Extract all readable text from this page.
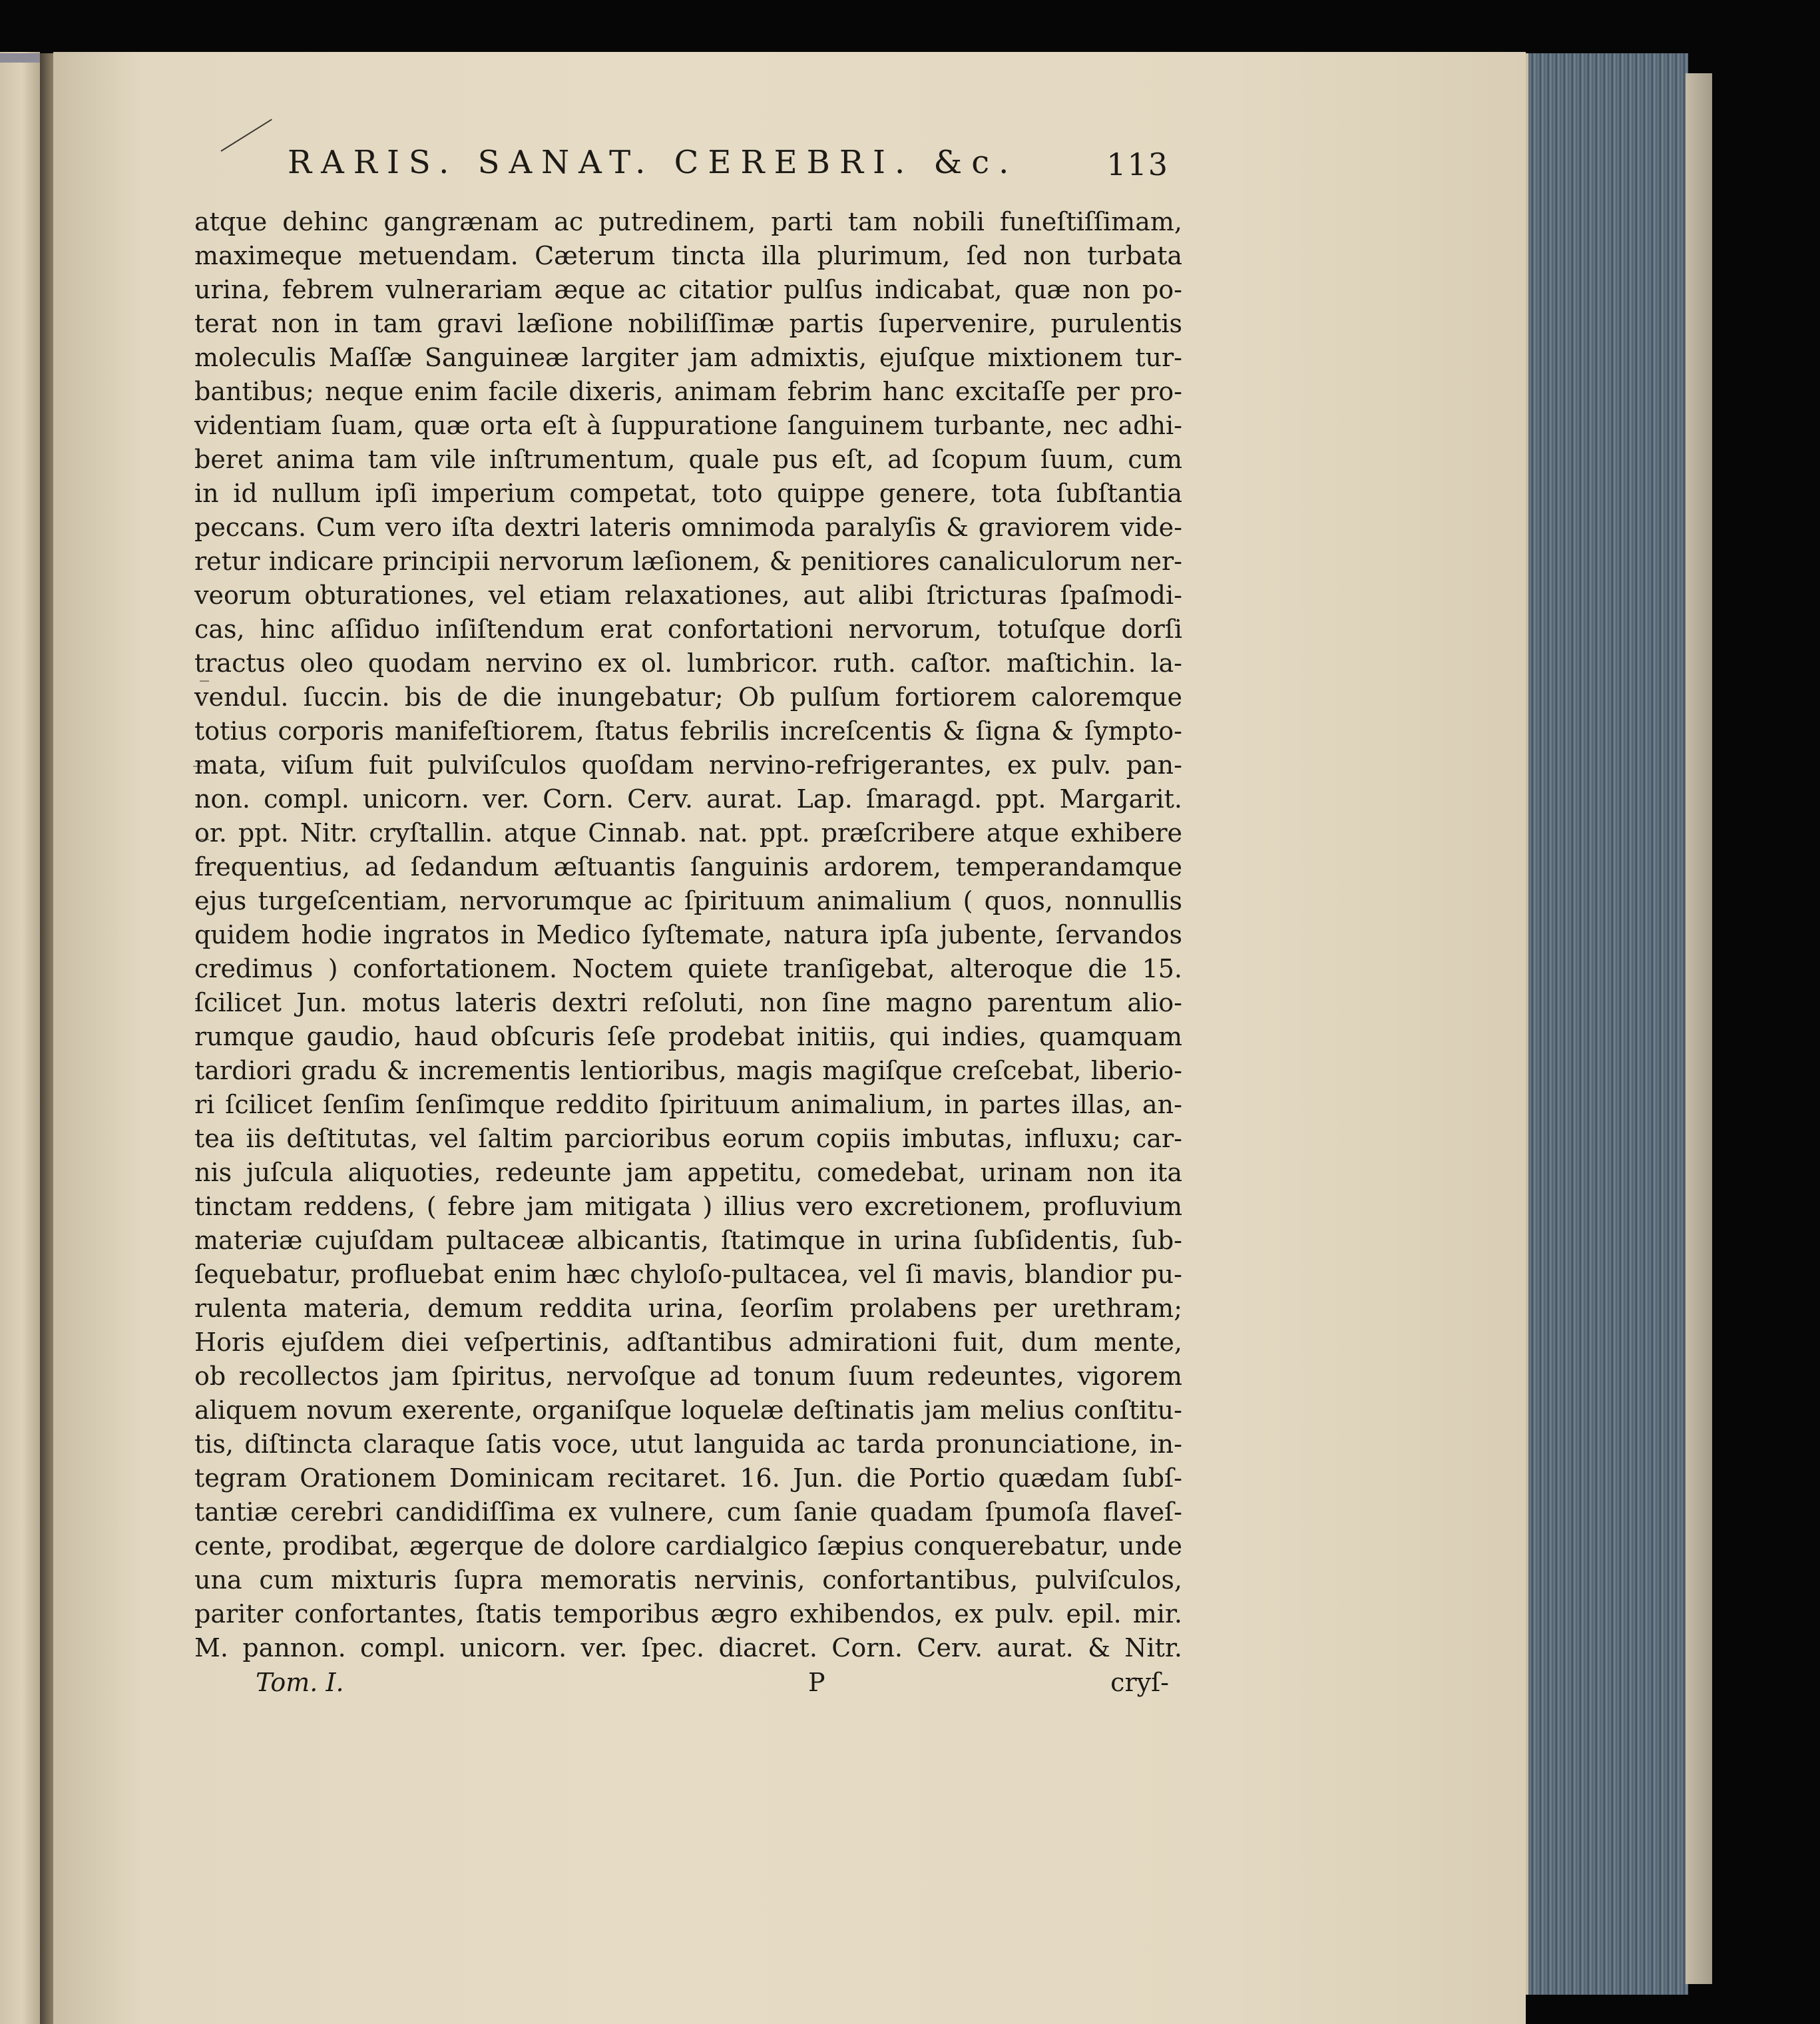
RARIS. SANAT. CEREBRI. &c.	113
atque dehinc gangrænam ac putredinem, parti tam nobili funeſtiſſimam,
maximeque metuendam. Cæterum tincta illa plurimum, ſed non turbata
urina, febrem vulnerariam æque ac citatior pulſus indicabat, quæ non po-
terat non in tam gravi læſione nobiliſſimæ partis ſupervenire, purulentis
moleculis Maſſæ Sanguineæ largiter jam admixtis, ejuſque mixtionem tur-
bantibus; neque enim facile dixeris, animam febrim hanc excitaſſe per pro-
videntiam ſuam, quæ orta eſt à ſuppuratione ſanguinem turbante, nec adhi-
beret anima tam vile inſtrumentum, quale pus eſt, ad ſcopum ſuum, cum
in id nullum ipſi imperium competat, toto quippe genere, tota ſubſtantia
peccans. Cum vero iſta dextri lateris omnimoda paralyſis & graviorem vide-
retur indicare principii nervorum læſionem, & penitiores canaliculorum ner-
veorum obturationes, vel etiam relaxationes, aut alibi ſtricturas ſpaſmodi-
cas, hinc aſſiduo inſiſtendum erat confortationi nervorum, totuſque dorſi
tractus oleo quodam nervino ex ol. lumbricor. ruth. caſtor. maſtichin. la-
vendul. ſuccin. bis de die inungebatur; Ob pulſum fortiorem caloremque
totius corporis manifeſtiorem, ſtatus febrilis increſcentis & ſigna & ſympto-
mata, viſum fuit pulviſculos quoſdam nervino-refrigerantes, ex pulv. pan-
non. compl. unicorn. ver. Corn. Cerv. aurat. Lap. ſmaragd. ppt. Margarit.
or. ppt. Nitr. cryſtallin. atque Cinnab. nat. ppt. præſcribere atque exhibere
frequentius, ad ſedandum æſtuantis ſanguinis ardorem, temperandamque
ejus turgeſcentiam, nervorumque ac ſpirituum animalium ( quos, nonnullis
quidem hodie ingratos in Medico ſyſtemate, natura ipſa jubente, ſervandos
credimus ) confortationem. Noctem quiete tranſigebat, alteroque die 15.
ſcilicet Jun. motus lateris dextri reſoluti, non ſine magno parentum alio-
rumque gaudio, haud obſcuris ſeſe prodebat initiis, qui indies, quamquam
tardiori gradu & incrementis lentioribus, magis magiſque creſcebat, liberio-
ri ſcilicet ſenſim ſenſimque reddito ſpirituum animalium, in partes illas, an-
tea iis deſtitutas, vel ſaltim parcioribus eorum copiis imbutas, influxu; car-
nis juſcula aliquoties, redeunte jam appetitu, comedebat, urinam non ita
tinctam reddens, ( febre jam mitigata ) illius vero excretionem, profluvium
materiæ cujuſdam pultaceæ albicantis, ſtatimque in urina ſubſidentis, ſub-
ſequebatur, profluebat enim hæc chyloſo-pultacea, vel ſi mavis, blandior pu-
rulenta materia, demum reddita urina, ſeorſim prolabens per urethram;
Horis ejuſdem diei veſpertinis, adſtantibus admirationi fuit, dum mente,
ob recollectos jam ſpiritus, nervoſque ad tonum ſuum redeuntes, vigorem
aliquem novum exerente, organiſque loquelæ deſtinatis jam melius conſtitu-
tis, diſtincta claraque ſatis voce, utut languida ac tarda pronunciatione, in-
tegram Orationem Dominicam recitaret. 16. Jun. die Portio quædam ſubſ-
tantiæ cerebri candidiſſima ex vulnere, cum ſanie quadam ſpumoſa flaveſ-
cente, prodibat, ægerque de dolore cardialgico ſæpius conquerebatur, unde
una cum mixturis ſupra memoratis nervinis, confortantibus, pulviſculos,
pariter confortantes, ſtatis temporibus ægro exhibendos, ex pulv. epil. mir.
M. pannon. compl. unicorn. ver. ſpec. diacret. Corn. Cerv. aurat. & Nitr.
Tom. I.	P	cryſ-
